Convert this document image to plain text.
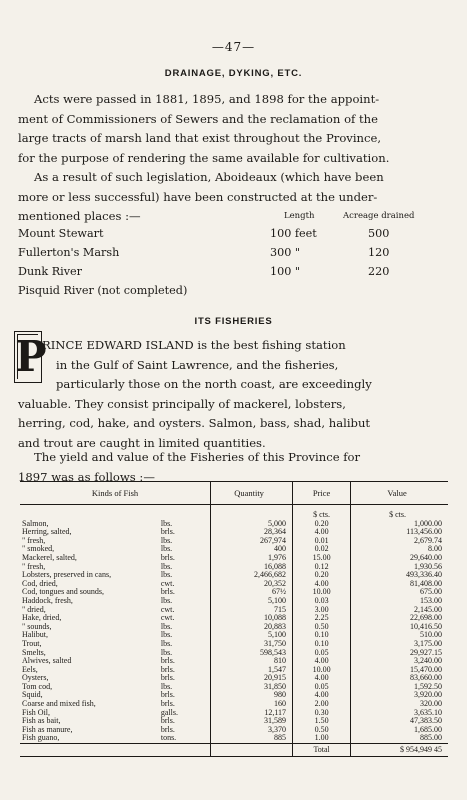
—47—
DRAINAGE, DYKING, ETC.
Acts were passed in 1881, 1895, and 1898 for the appoint-
ment of Commissioners of Sewers and the reclamation of the
large tracts of marsh land that exist throughout the Province,
for the purpose of rendering the same available for cultivation.
As a result of such legislation, Aboideaux (which have been
more or less successful) have been constructed at the under-
mentioned places :—	Length	Acreage drained
Mount Stewart	100 feet	500
Fullerton's Marsh	300 "	120
Dunk River	100 "	220
Pisquid River (not completed)
ITS FISHERIES
P
RINCE EDWARD ISLAND is the best fishing station
in the Gulf of Saint Lawrence, and the fisheries,
particularly those on the north coast, are exceedingly
valuable. They consist principally of mackerel, lobsters,
herring, cod, hake, and oysters. Salmon, bass, shad, halibut
and trout are caught in limited quantities.
The yield and value of the Fisheries of this Province for
1897 was as follows :—
Kinds of Fish		Quantity	Price	Value
			$ cts.	$ cts.
Salmon,	lbs.	5,000	0.20	1,000.00
Herring, salted,	brls.	28,364	4.00	113,456.00
" fresh,	lbs.	267,974	0.01	2,679.74
" smoked,	lbs.	400	0.02	8.00
Mackerel, salted,	brls.	1,976	15.00	29,640.00
" fresh,	lbs.	16,088	0.12	1,930.56
Lobsters, preserved in cans,	lbs.	2,466,682	0.20	493,336.40
Cod, dried,	cwt.	20,352	4.00	81,408.00
Cod, tongues and sounds,	brls.	67½	10.00	675.00
Haddock, fresh,	lbs.	5,100	0.03	153.00
" dried,	cwt.	715	3.00	2,145.00
Hake, dried,	cwt.	10,088	2.25	22,698.00
" sounds,	lbs.	20,883	0.50	10,416.50
Halibut,	lbs.	5,100	0.10	510.00
Trout,	lbs.	31,750	0.10	3,175.00
Smelts,	lbs.	598,543	0.05	29,927.15
Alwives, salted	brls.	810	4.00	3,240.00
Eels,	brls.	1,547	10.00	15,470.00
Oysters,	brls.	20,915	4.00	83,660.00
Tom cod,	lbs.	31,850	0.05	1,592.50
Squid,	brls.	980	4.00	3,920.00
Coarse and mixed fish,	brls.	160	2.00	320.00
Fish Oil,	galls.	12,117	0.30	3,635.10
Fish as bait,	brls.	31,589	1.50	47,383.50
Fish as manure,	brls.	3,370	0.50	1,685.00
Fish guano,	tons.	885	1.00	885.00
			Total	$ 954,949 45
